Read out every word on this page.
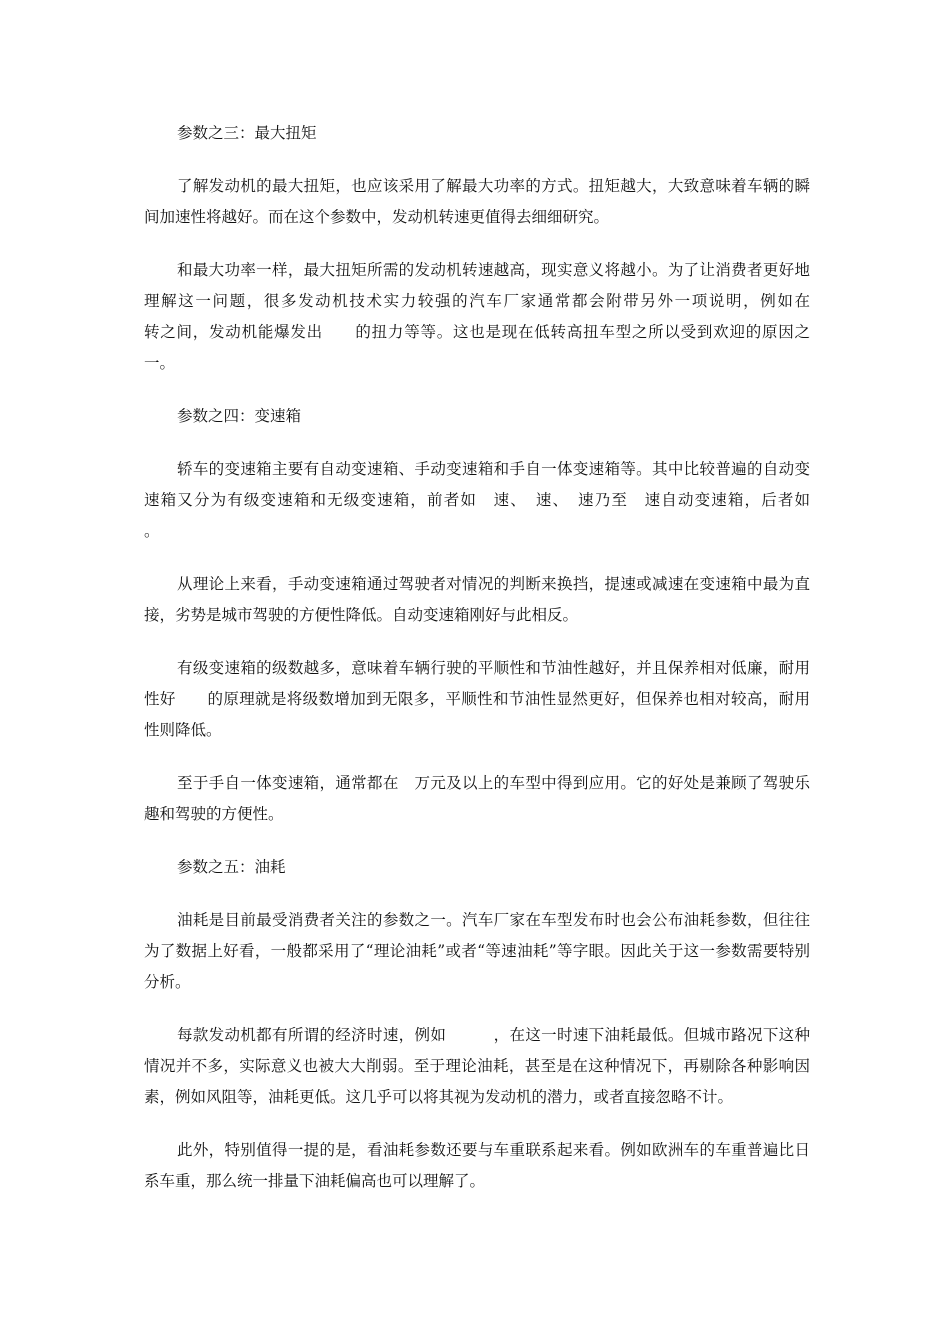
参数之三：最大扭矩

了解发动机的最大扭矩，也应该采用了解最大功率的方式。扭矩越大，大致意味着车辆的瞬间加速性将越好。而在这个参数中，发动机转速更值得去细细研究。

和最大功率一样，最大扭矩所需的发动机转速越高，现实意义将越小。为了让消费者更好地理解这一问题，很多发动机技术实力较强的汽车厂家通常都会附带另外一项说明，例如在　　　　　转之间，发动机能爆发出　　的扭力等等。这也是现在低转高扭车型之所以受到欢迎的原因之一。

参数之四：变速箱

轿车的变速箱主要有自动变速箱、手动变速箱和手自一体变速箱等。其中比较普遍的自动变速箱又分为有级变速箱和无级变速箱，前者如　速、　速、　速乃至　速自动变速箱，后者如　　。

从理论上来看，手动变速箱通过驾驶者对情况的判断来换挡，提速或减速在变速箱中最为直接，劣势是城市驾驶的方便性降低。自动变速箱刚好与此相反。

有级变速箱的级数越多，意味着车辆行驶的平顺性和节油性越好，并且保养相对低廉，耐用性好　　的原理就是将级数增加到无限多，平顺性和节油性显然更好，但保养也相对较高，耐用性则降低。

至于手自一体变速箱，通常都在　万元及以上的车型中得到应用。它的好处是兼顾了驾驶乐趣和驾驶的方便性。

参数之五：油耗

油耗是目前最受消费者关注的参数之一。汽车厂家在车型发布时也会公布油耗参数，但往往为了数据上好看，一般都采用了“理论油耗”或者“等速油耗”等字眼。因此关于这一参数需要特别分析。

每款发动机都有所谓的经济时速，例如　　　，在这一时速下油耗最低。但城市路况下这种情况并不多，实际意义也被大大削弱。至于理论油耗，甚至是在这种情况下，再剔除各种影响因素，例如风阻等，油耗更低。这几乎可以将其视为发动机的潜力，或者直接忽略不计。

此外，特别值得一提的是，看油耗参数还要与车重联系起来看。例如欧洲车的车重普遍比日系车重，那么统一排量下油耗偏高也可以理解了。
